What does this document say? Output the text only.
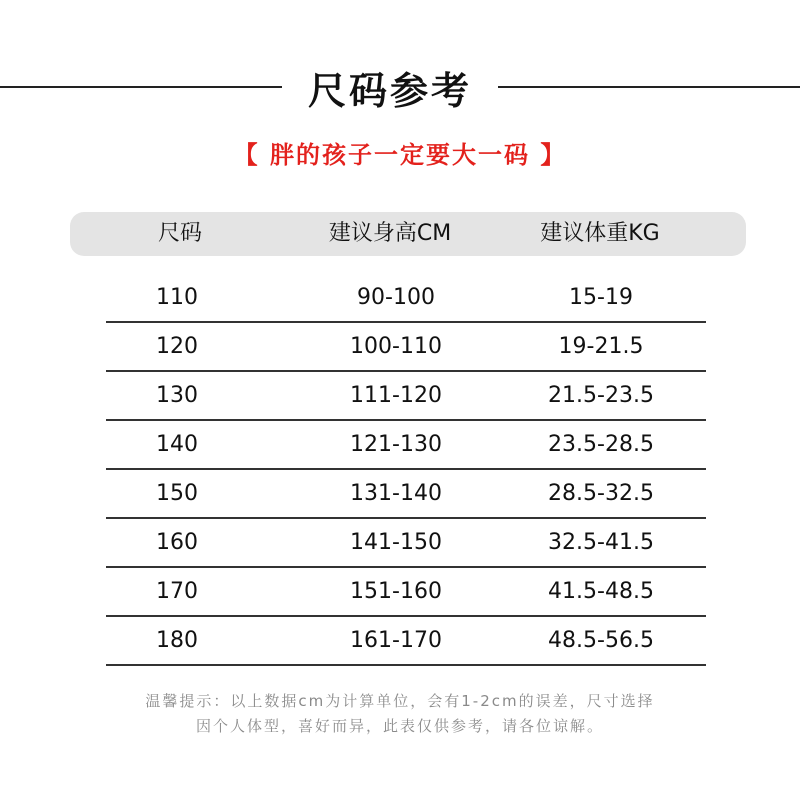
尺码参考
【 胖的孩子一定要大一码 】
尺码	建议身高CM	建议体重KG
110	90-100	15-19
120	100-110	19-21.5
130	111-120	21.5-23.5
140	121-130	23.5-28.5
150	131-140	28.5-32.5
160	141-150	32.5-41.5
170	151-160	41.5-48.5
180	161-170	48.5-56.5
温馨提示：以上数据cm为计算单位，会有1-2cm的误差，尺寸选择
因个人体型，喜好而异，此表仅供参考，请各位谅解。
